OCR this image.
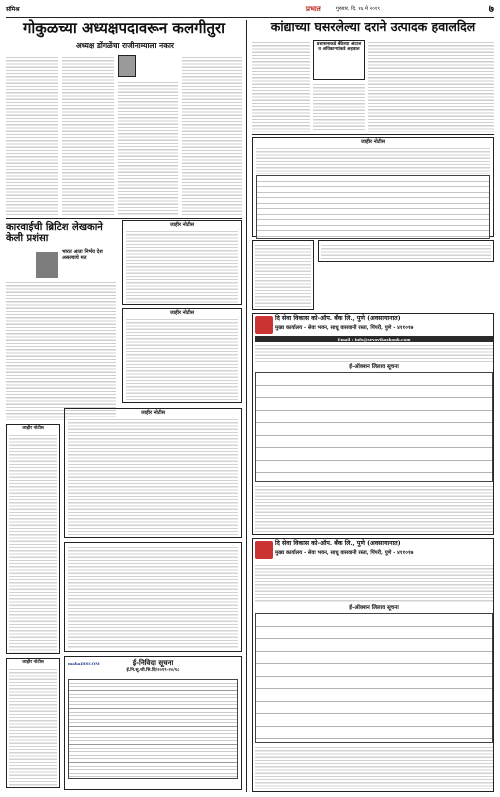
संमिश्र	प्रभात	गुरुवार, दि. १६ मे २०१९	७
गोकुळच्या अध्यक्षपदावरून कलगीतुरा
अध्यक्ष डोंगळेंचा राजीनाम्याला नकार
कारवाईची ब्रिटिश लेखकाने केली प्रशंसा
भारत आता निर्भय देश असल्याचे मत
जाहीर नोटीस
जाहीर नोटीस
जाहीर नोटीस
जाहीर नोटीस
जाहीर नोटीस
mahaDISCOM	ई-निविदा सूचना
ई.नि.सू.जी.सि.वि/२०१९-२०/१८
कांद्याच्या घसरलेल्या दराने उत्पादक हवालदिल
प्रशासनाकडे बँकेच्या अंदाज व अधिकाऱ्यांकडे अहवाल
जाहीर नोटीस
दि सेवा विकास को-ऑप. बँक लि., पुणे (अवसायानात)
मुख्य कार्यालय - सेवा भवन, साधू वासवानी रस्ता, पिंपरी, पुणे - ४११०१७
Email : info@sevavikasbank.com
ई-ऑक्शन लिलाव सूचना
दि सेवा विकास को-ऑप. बँक लि., पुणे (अवसायानात)
मुख्य कार्यालय - सेवा भवन, साधू वासवानी रस्ता, पिंपरी, पुणे - ४११०१७
ई-ऑक्शन लिलाव सूचना
